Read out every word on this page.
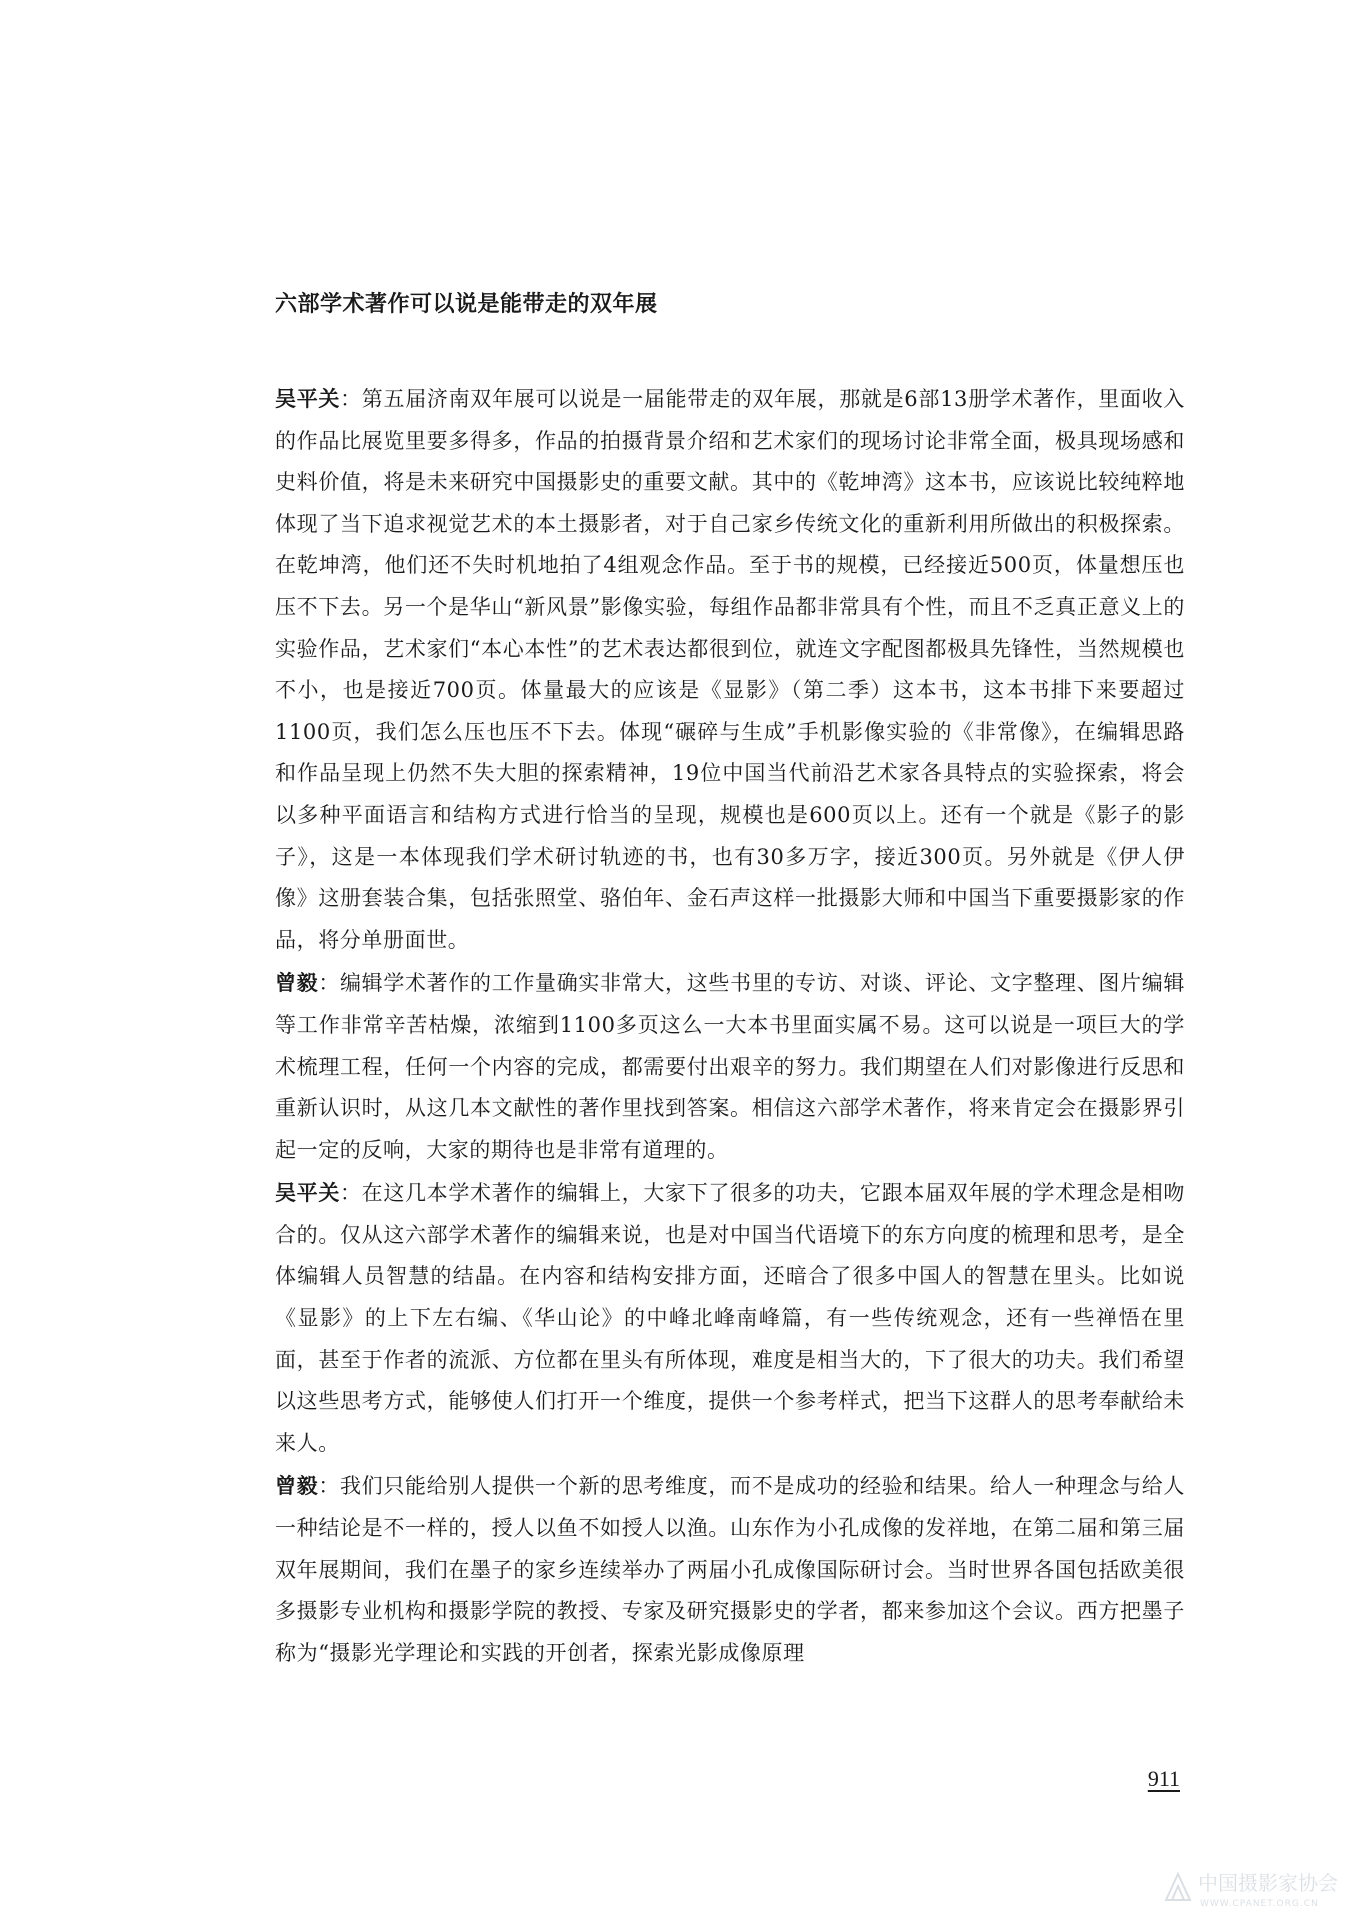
六部学术著作可以说是能带走的双年展

吴平关：第五届济南双年展可以说是一届能带走的双年展，那就是6部13册学术著作，里面收入的作品比展览里要多得多，作品的拍摄背景介绍和艺术家们的现场讨论非常全面，极具现场感和史料价值，将是未来研究中国摄影史的重要文献。其中的《乾坤湾》这本书，应该说比较纯粹地体现了当下追求视觉艺术的本土摄影者，对于自己家乡传统文化的重新利用所做出的积极探索。在乾坤湾，他们还不失时机地拍了4组观念作品。至于书的规模，已经接近500页，体量想压也压不下去。另一个是华山“新风景”影像实验，每组作品都非常具有个性，而且不乏真正意义上的实验作品，艺术家们“本心本性”的艺术表达都很到位，就连文字配图都极具先锋性，当然规模也不小，也是接近700页。体量最大的应该是《显影》（第二季）这本书，这本书排下来要超过1100页，我们怎么压也压不下去。体现“碾碎与生成”手机影像实验的《非常像》，在编辑思路和作品呈现上仍然不失大胆的探索精神，19位中国当代前沿艺术家各具特点的实验探索，将会以多种平面语言和结构方式进行恰当的呈现，规模也是600页以上。还有一个就是《影子的影子》，这是一本体现我们学术研讨轨迹的书，也有30多万字，接近300页。另外就是《伊人伊像》这册套装合集，包括张照堂、骆伯年、金石声这样一批摄影大师和中国当下重要摄影家的作品，将分单册面世。

曾毅：编辑学术著作的工作量确实非常大，这些书里的专访、对谈、评论、文字整理、图片编辑等工作非常辛苦枯燥，浓缩到1100多页这么一大本书里面实属不易。这可以说是一项巨大的学术梳理工程，任何一个内容的完成，都需要付出艰辛的努力。我们期望在人们对影像进行反思和重新认识时，从这几本文献性的著作里找到答案。相信这六部学术著作，将来肯定会在摄影界引起一定的反响，大家的期待也是非常有道理的。

吴平关：在这几本学术著作的编辑上，大家下了很多的功夫，它跟本届双年展的学术理念是相吻合的。仅从这六部学术著作的编辑来说，也是对中国当代语境下的东方向度的梳理和思考，是全体编辑人员智慧的结晶。在内容和结构安排方面，还暗合了很多中国人的智慧在里头。比如说《显影》的上下左右编、《华山论》的中峰北峰南峰篇，有一些传统观念，还有一些禅悟在里面，甚至于作者的流派、方位都在里头有所体现，难度是相当大的，下了很大的功夫。我们希望以这些思考方式，能够使人们打开一个维度，提供一个参考样式，把当下这群人的思考奉献给未来人。

曾毅：我们只能给别人提供一个新的思考维度，而不是成功的经验和结果。给人一种理念与给人一种结论是不一样的，授人以鱼不如授人以渔。山东作为小孔成像的发祥地，在第二届和第三届双年展期间，我们在墨子的家乡连续举办了两届小孔成像国际研讨会。当时世界各国包括欧美很多摄影专业机构和摄影学院的教授、专家及研究摄影史的学者，都来参加这个会议。西方把墨子称为“摄影光学理论和实践的开创者，探索光影成像原理

911
中国摄影家协会
WWW.CPANET.ORG.CN
